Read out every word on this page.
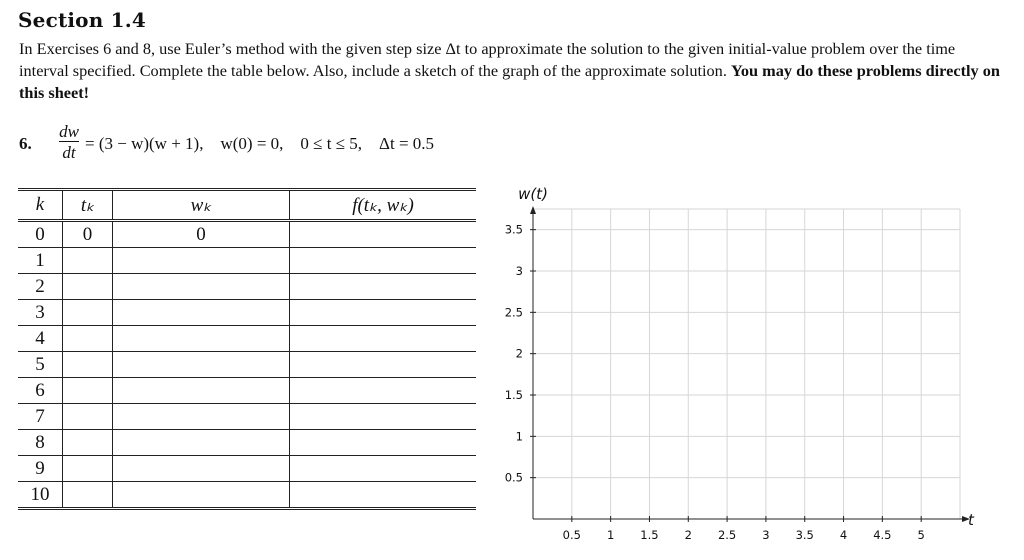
Section 1.4
In Exercises 6 and 8, use Euler’s method with the given step size Δt to approximate the solution to the given initial-value problem over the time interval specified. Complete the table below. Also, include a sketch of the graph of the approximate solution. You may do these problems directly on this sheet!
6.
dw
dt = (3 − w)(w + 1), w(0) = 0, 0 ≤ t ≤ 5, Δt = 0.5
k	tₖ	wₖ	f(tₖ, wₖ)
0	0	0	
1			
2			
3			
4			
5			
6			
7			
8			
9			
10			
0.5 1 1.5 2 2.5 3 3.5 4 4.5 5
0.5
1
1.5
2
2.5
3
3.5
w(t)
t
